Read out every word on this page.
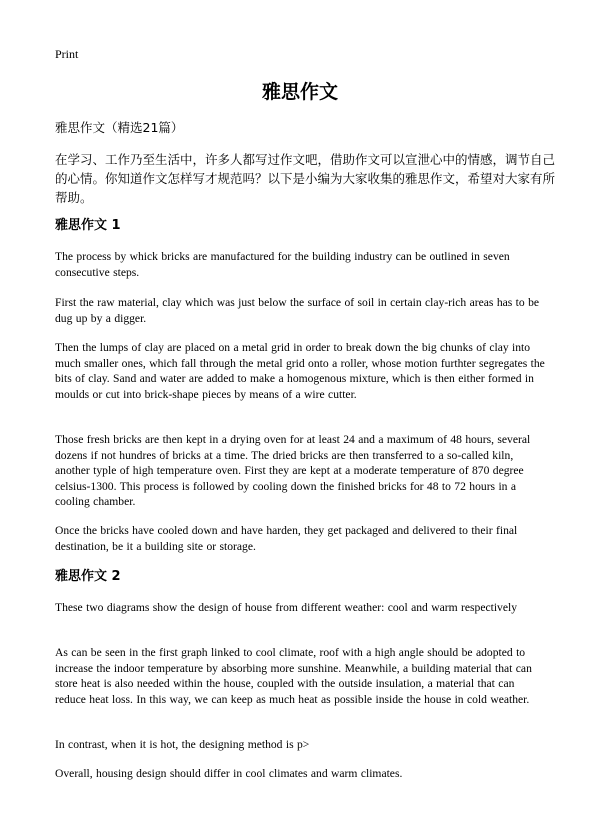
Print
雅思作文
雅思作文（精选21篇）
在学习、工作乃至生活中，许多人都写过作文吧，借助作文可以宣泄心中的情感，调节自己的心情。你知道作文怎样写才规范吗？以下是小编为大家收集的雅思作文，希望对大家有所帮助。
雅思作文 1
The process by whick bricks are manufactured for the building industry can be outlined in seven consecutive steps.
First the raw material, clay which was just below the surface of soil in certain clay-rich areas has to be dug up by a digger.
Then the lumps of clay are placed on a metal grid in order to break down the big chunks of clay into much smaller ones, which fall through the metal grid onto a roller, whose motion furthter segregates the bits of clay. Sand and water are added to make a homogenous mixture, which is then either formed in moulds or cut into brick-shape pieces by means of a wire cutter.
Those fresh bricks are then kept in a drying oven for at least 24 and a maximum of 48 hours, several dozens if not hundres of bricks at a time. The dried bricks are then transferred to a so-called kiln, another typle of high temperature oven. First they are kept at a moderate temperature of 870 degree celsius-1300. This process is followed by cooling down the finished bricks for 48 to 72 hours in a cooling chamber.
Once the bricks have cooled down and have harden, they get packaged and delivered to their final destination, be it a building site or storage.
雅思作文 2
These two diagrams show the design of house from different weather: cool and warm respectively
As can be seen in the first graph linked to cool climate, roof with a high angle should be adopted to increase the indoor temperature by absorbing more sunshine. Meanwhile, a building material that can store heat is also needed within the house, coupled with the outside insulation, a material that can reduce heat loss. In this way, we can keep as much heat as possible inside the house in cold weather.
In contrast, when it is hot, the designing method is p>
Overall, housing design should differ in cool climates and warm climates.
